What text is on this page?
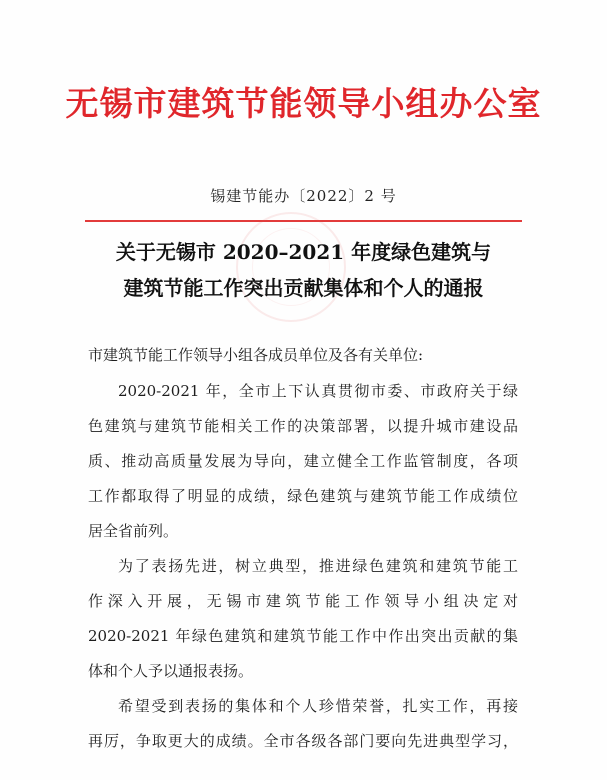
无锡市建筑节能领导小组办公室
锡建节能办〔2022〕2 号
关于无锡市 2020–2021 年度绿色建筑与
建筑节能工作突出贡献集体和个人的通报
市建筑节能工作领导小组各成员单位及各有关单位:
2020-2021 年，全市上下认真贯彻市委、市政府关于绿
色建筑与建筑节能相关工作的决策部署，以提升城市建设品
质、推动高质量发展为导向，建立健全工作监管制度，各项
工作都取得了明显的成绩，绿色建筑与建筑节能工作成绩位
居全省前列。
为了表扬先进，树立典型，推进绿色建筑和建筑节能工
作深入开展，无锡市建筑节能工作领导小组决定对
2020-2021 年绿色建筑和建筑节能工作中作出突出贡献的集
体和个人予以通报表扬。
希望受到表扬的集体和个人珍惜荣誉，扎实工作，再接
再厉，争取更大的成绩。全市各级各部门要向先进典型学习，
